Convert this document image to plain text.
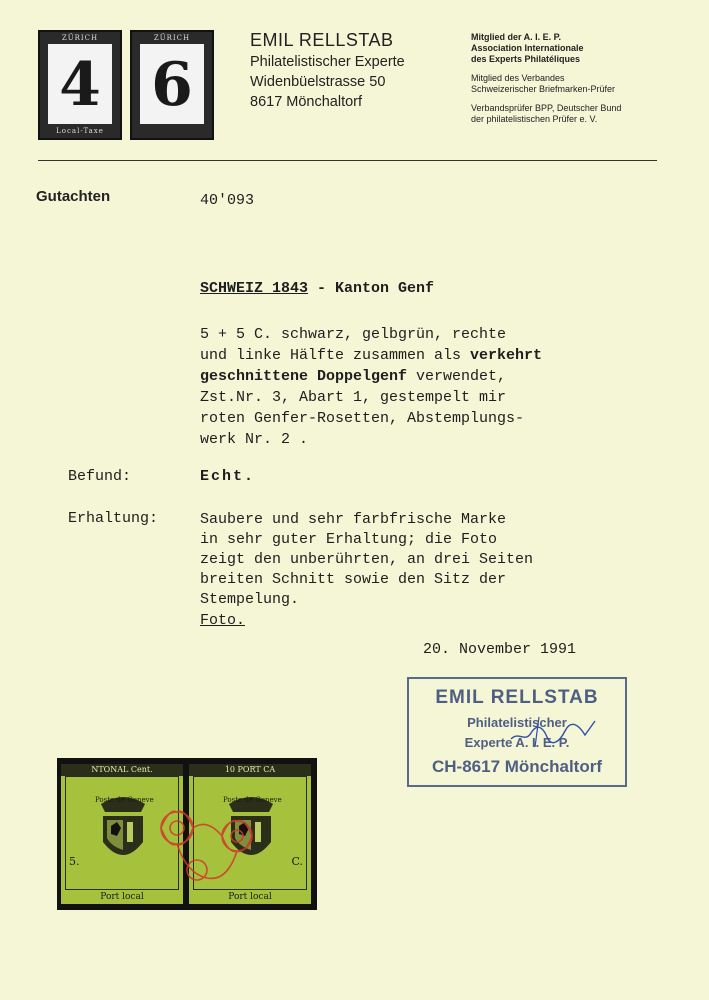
ZÜRICH
4
Local-Taxe
ZÜRICH
6
EMIL RELLSTAB
Philatelistischer Experte
Widenbüelstrasse 50
8617 Mönchaltorf
Mitglied der A. I. E. P.
Association Internationale
des Experts Philatéliques
Mitglied des Verbandes
Schweizerischer Briefmarken-Prüfer
Verbandsprüfer BPP, Deutscher Bund
der philatelistischen Prüfer e. V.
Gutachten	40'093
SCHWEIZ 1843 - Kanton Genf
5 + 5 C. schwarz, gelbgrün, rechte
und linke Hälfte zusammen als verkehrt
geschnittene Doppelgenf verwendet,
Zst.Nr. 3, Abart 1, gestempelt mir
roten Genfer-Rosetten, Abstemplungs-
werk Nr. 2 .
Befund:	Echt.
Erhaltung:	Saubere und sehr farbfrische Marke
in sehr guter Erhaltung; die Foto
zeigt den unberührten, an drei Seiten
breiten Schnitt sowie den Sitz der
Stempelung.
Foto.
20. November 1991
EMIL RELLSTAB
Philatelistischer
Experte A. I. E. P.
CH-8617 Mönchaltorf
NTONAL Cent.
Poste de Geneve
5.
Port local
10 PORT CA
Poste de Geneve
C.
Port local
